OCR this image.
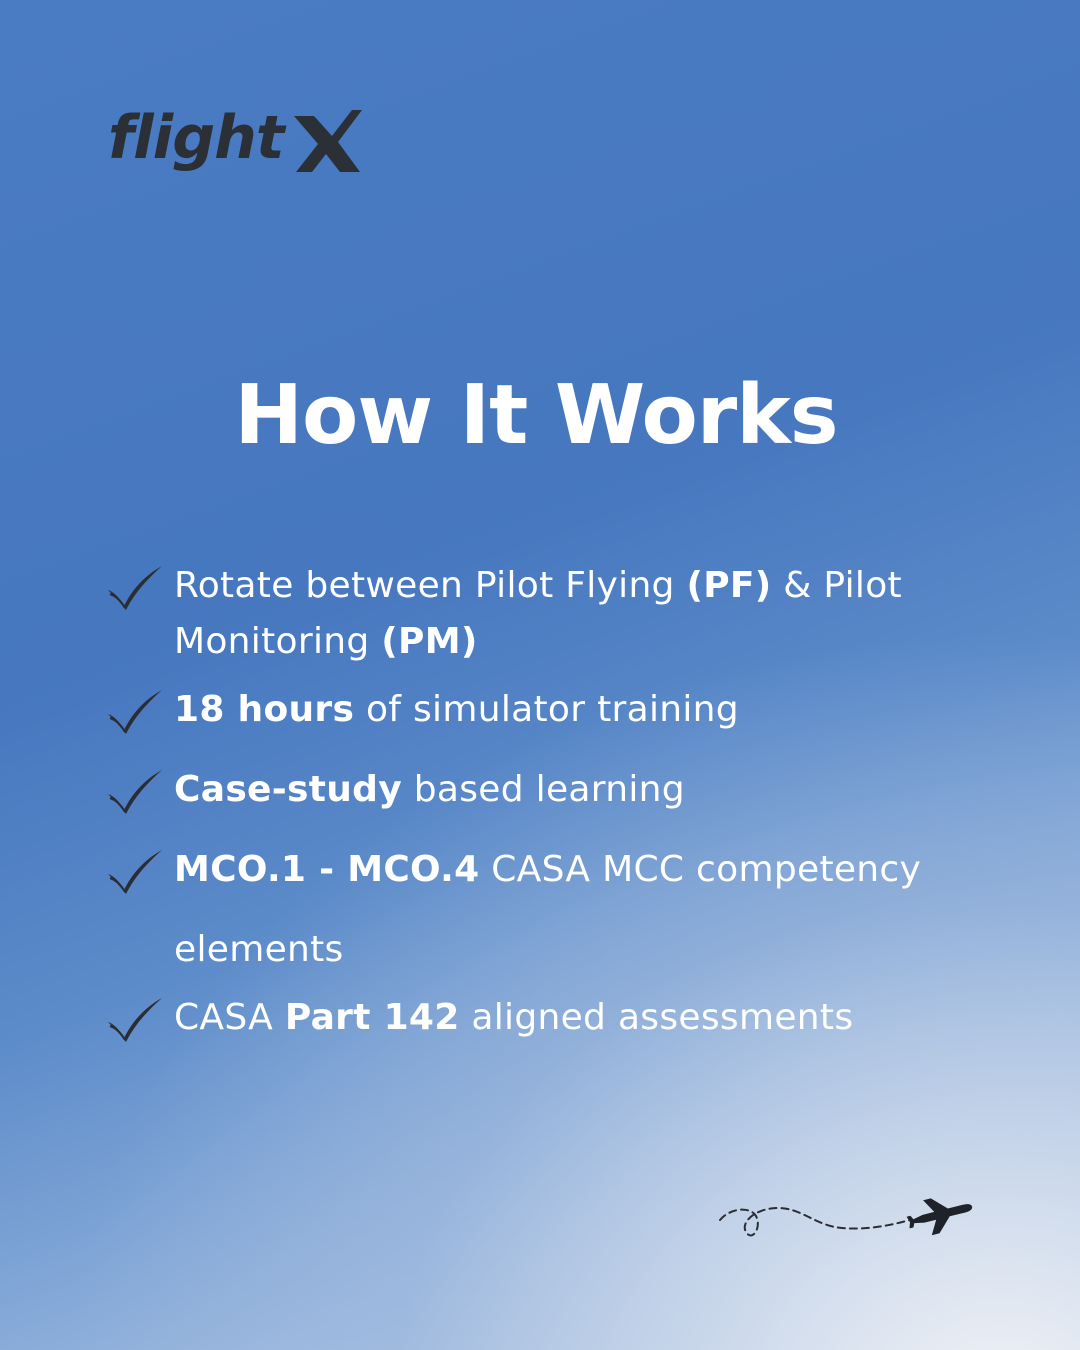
flight
How It Works
Rotate between Pilot Flying (PF) & Pilot Monitoring (PM)
18 hours of simulator training
Case-study based learning
MCO.1 - MCO.4 CASA MCC competency elements
CASA Part 142 aligned assessments
